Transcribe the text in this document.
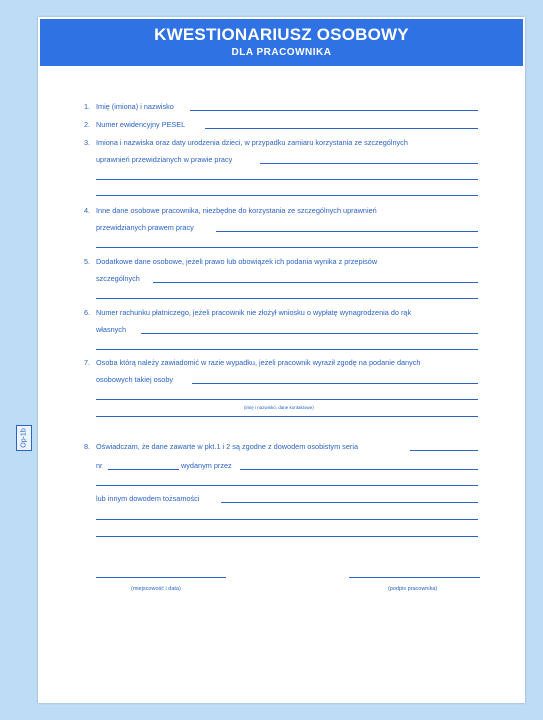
KWESTIONARIUSZ OSOBOWY
DLA PRACOWNIKA
Op-1b
1. Imię (imiona) i nazwisko
2. Numer ewidencyjny PESEL
3. Imiona i nazwiska oraz daty urodzenia dzieci, w przypadku zamiaru korzystania ze szczególnych
uprawnień przewidzianych w prawie pracy
4. Inne dane osobowe pracownika, niezbędne do korzystania ze szczególnych uprawnień
przewidzianych prawem pracy
5. Dodatkowe dane osobowe, jeżeli prawo lub obowiązek ich podania wynika z przepisów
szczególnych
6. Numer rachunku płatniczego, jeżeli pracownik nie złożył wniosku o wypłatę wynagrodzenia do rąk
własnych
7. Osoba którą należy zawiadomić w razie wypadku, jeżeli pracownik wyraził zgodę na podanie danych
osobowych takiej osoby
(imię i nazwisko, dane kontaktowe)
8. Oświadczam, że dane zawarte w pkt.1 i 2 są zgodne z dowodem osobistym seria
nr	wydanym przez
lub innym dowodem tożsamości
(miejscowość i data)	(podpis pracownika)
